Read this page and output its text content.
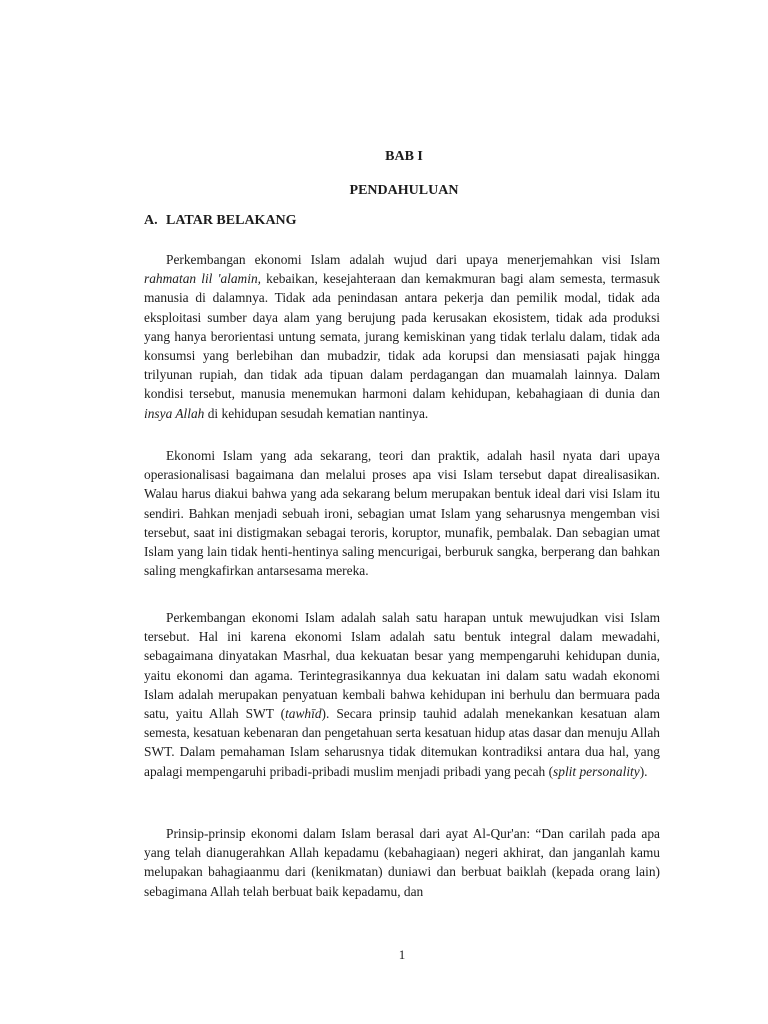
BAB I

PENDAHULUAN

A. LATAR BELAKANG

Perkembangan ekonomi Islam adalah wujud dari upaya menerjemahkan visi Islam rahmatan lil 'alamin, kebaikan, kesejahteraan dan kemakmuran bagi alam semesta, termasuk manusia di dalamnya. Tidak ada penindasan antara pekerja dan pemilik modal, tidak ada eksploitasi sumber daya alam yang berujung pada kerusakan ekosistem, tidak ada produksi yang hanya berorientasi untung semata, jurang kemiskinan yang tidak terlalu dalam, tidak ada konsumsi yang berlebihan dan mubadzir, tidak ada korupsi dan mensiasati pajak hingga trilyunan rupiah, dan tidak ada tipuan dalam perdagangan dan muamalah lainnya. Dalam kondisi tersebut, manusia menemukan harmoni dalam kehidupan, kebahagiaan di dunia dan insya Allah di kehidupan sesudah kematian nantinya.

Ekonomi Islam yang ada sekarang, teori dan praktik, adalah hasil nyata dari upaya operasionalisasi bagaimana dan melalui proses apa visi Islam tersebut dapat direalisasikan. Walau harus diakui bahwa yang ada sekarang belum merupakan bentuk ideal dari visi Islam itu sendiri. Bahkan menjadi sebuah ironi, sebagian umat Islam yang seharusnya mengemban visi tersebut, saat ini distigmakan sebagai teroris, koruptor, munafik, pembalak. Dan sebagian umat Islam yang lain tidak henti-hentinya saling mencurigai, berburuk sangka, berperang dan bahkan saling mengkafirkan antarsesama mereka.

Perkembangan ekonomi Islam adalah salah satu harapan untuk mewujudkan visi Islam tersebut. Hal ini karena ekonomi Islam adalah satu bentuk integral dalam mewadahi, sebagaimana dinyatakan Masrhal, dua kekuatan besar yang mempengaruhi kehidupan dunia, yaitu ekonomi dan agama. Terintegrasikannya dua kekuatan ini dalam satu wadah ekonomi Islam adalah merupakan penyatuan kembali bahwa kehidupan ini berhulu dan bermuara pada satu, yaitu Allah SWT (tawhīd). Secara prinsip tauhid adalah menekankan kesatuan alam semesta, kesatuan kebenaran dan pengetahuan serta kesatuan hidup atas dasar dan menuju Allah SWT. Dalam pemahaman Islam seharusnya tidak ditemukan kontradiksi antara dua hal, yang apalagi mempengaruhi pribadi-pribadi muslim menjadi pribadi yang pecah (split personality).

Prinsip-prinsip ekonomi dalam Islam berasal dari ayat Al-Qur'an: “Dan carilah pada apa yang telah dianugerahkan Allah kepadamu (kebahagiaan) negeri akhirat, dan janganlah kamu melupakan bahagiaanmu dari (kenikmatan) duniawi dan berbuat baiklah (kepada orang lain) sebagimana Allah telah berbuat baik kepadamu, dan

1
